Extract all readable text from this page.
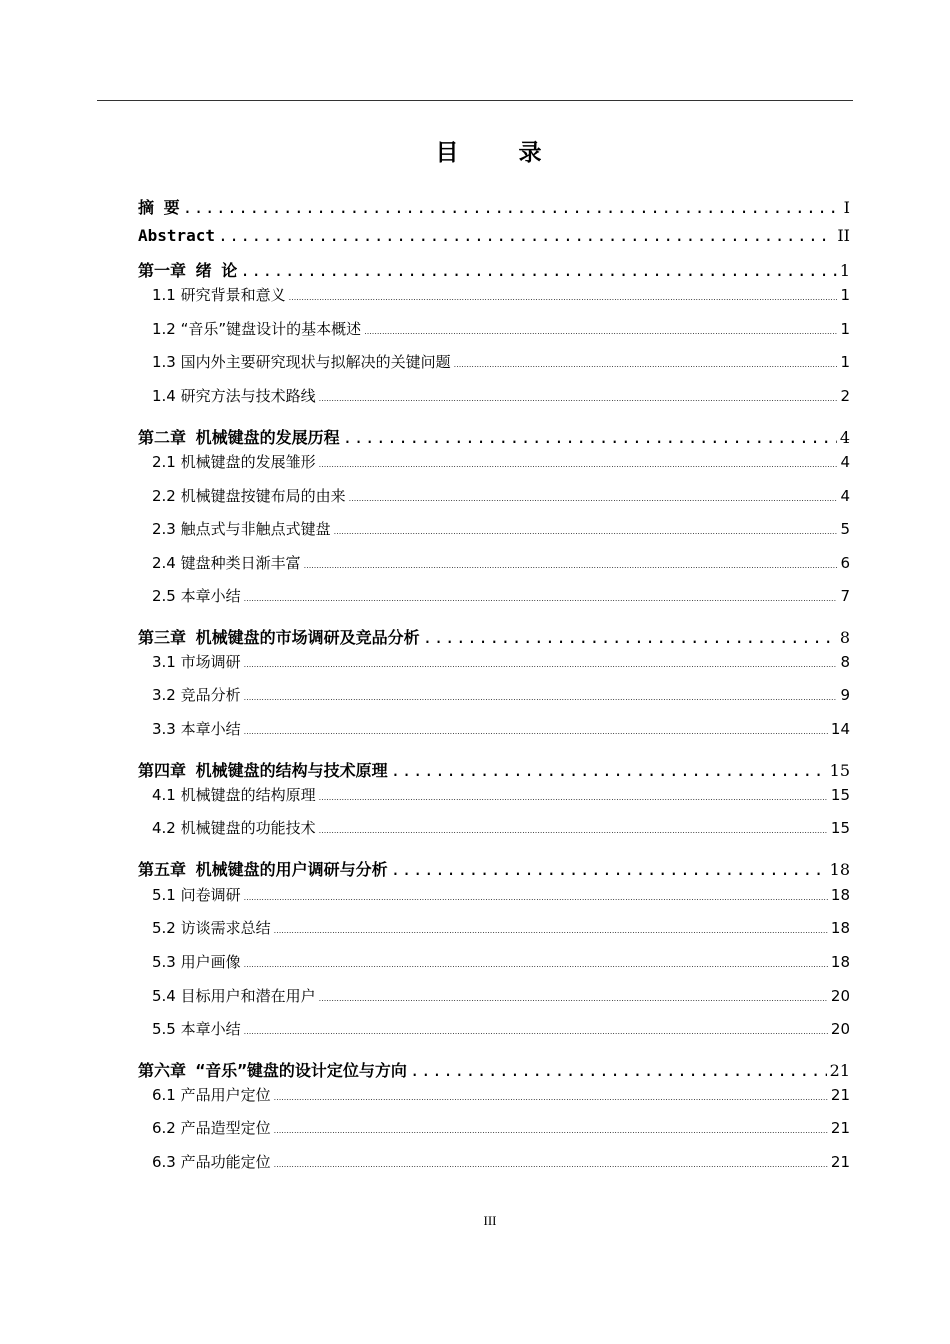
目 录
摘 要 .....	I
Abstract .....	II
第一章 绪 论 .....	1
1.1 研究背景和意义 .....	1
1.2 “音乐”键盘设计的基本概述 .....	1
1.3 国内外主要研究现状与拟解决的关键问题 .....	1
1.4 研究方法与技术路线 .....	2
第二章 机械键盘的发展历程 .....	4
2.1 机械键盘的发展雏形 .....	4
2.2 机械键盘按键布局的由来 .....	4
2.3 触点式与非触点式键盘 .....	5
2.4 键盘种类日渐丰富 .....	6
2.5 本章小结 .....	7
第三章 机械键盘的市场调研及竞品分析 .....	8
3.1 市场调研 .....	8
3.2 竞品分析 .....	9
3.3 本章小结 .....	14
第四章 机械键盘的结构与技术原理 .....	15
4.1 机械键盘的结构原理 .....	15
4.2 机械键盘的功能技术 .....	15
第五章 机械键盘的用户调研与分析 .....	18
5.1 问卷调研 .....	18
5.2 访谈需求总结 .....	18
5.3 用户画像 .....	18
5.4 目标用户和潜在用户 .....	20
5.5 本章小结 .....	20
第六章 “音乐”键盘的设计定位与方向 .....	21
6.1 产品用户定位 .....	21
6.2 产品造型定位 .....	21
6.3 产品功能定位 .....	21
III
